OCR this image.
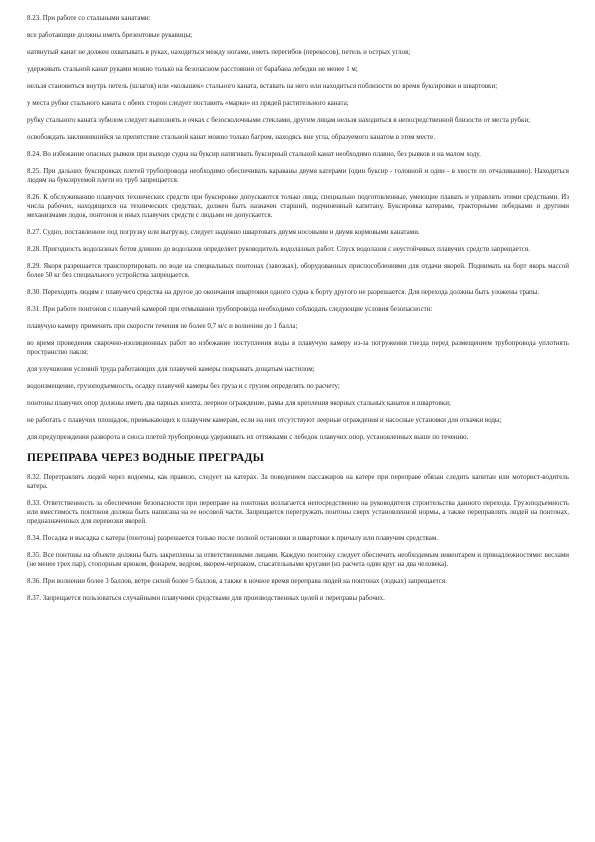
8.23. При работе со стальными канатами:

все работающие должны иметь брезентовые рукавицы;

натянутый канат не должен охватывать в руках, находиться между ногами, иметь перегибов (перекосов), петель и острых углов;

удерживать стальной канат руками можно только на безопасном расстоянии от барабана лебедки не менее 1 м;

нельзя становиться внутрь петель (шлагов) или «колышек» стального каната, вставать на него или находиться поблизости во время буксировки и швартовки;

у места рубки стального каната с обеих сторон следует поставить «марки» из прядей растительного каната;

рубку стального каната зубилом следует выполнять в очках с безосколочными стеклами, другим лицам нельзя находиться в непосредственной близости от места рубки;

освобождать заклинившийся за препятствие стальной канат можно только багром, находясь вне угла, образуемого канатом в этом месте.

8.24. Во избежание опасных рывков при выходе судна на буксир натягивать буксирный стальной канат необходимо плавно, без рывков и на малом ходу.

8.25. При дальних буксировках плетей трубопровода необходимо обеспечивать караваны двумя катерами (один буксир - головной и один - в хвосте по отчаливанию). Находиться людям на буксируемой плети из труб запрещается.

8.26. К обслуживанию плавучих технических средств при буксировке допускаются только лица, специально подготовленные, умеющие плавать и управлять этими средствами. Из числа рабочих, находящихся на технических средствах, должен быть назначен старший, подчиненный капитану. Буксировка катерами, тракторными лебедками и другими механизмами лодок, понтонов и иных плавучих средств с людьми не допускается.

8.27. Судно, поставленное под погрузку или выгрузку, следует надежно швартовать двумя носовыми и двумя кормовыми канатами.

8.28. Пригодность водолазных ботов длиною до водолазов определяет руководитель водолазных работ. Спуск водолазов с неустойчивых плавучих средств запрещается.

8.29. Якоря разрешается транспортировать по воде на специальных понтонах (завозках), оборудованных приспособлениями для отдачи якорей. Поднимать на борт якорь массой более 50 кг без специального устройства запрещается.

8.30. Переходить людям с плавучего средства на другое до окончания швартовки одного судна к борту другого не разрешается. Для перехода должны быть уложены трапы.

8.31. При работе понтонов с плавучей камерой при отмывании трубопровода необходимо соблюдать следующие условия безопасности:

плавучую камеру применять при скорости течения не более 0,7 м/с и волнении до 1 балла;

во время проведения сварочно-изоляционных работ во избежание поступления воды в плавучую камеру из-за погружения гнезда перед размещением трубопровода уплотнять пространство пакля;

для улучшения условий труда работающих для плавучей камеры покрывать дощатым настилом;

водоизмещение, грузоподъемность, осадку плавучей камеры без груза и с грузом определять по расчету;

понтоны плавучих опор должны иметь два парных кнехта, леерное ограждение, рамы для крепления якорных стальных канатов и швартовки;

не работать с плавучих площадок, примыкающих к плавучим камерам, если на них отсутствуют леерные ограждения и насосные установки для откачки воды;

для предупреждения разворота и сноса плетей трубопровода удерживать их оттяжками с лебедок плавучих опор, установленных выше по течению.

ПЕРЕПРАВА ЧЕРЕЗ ВОДНЫЕ ПРЕГРАДЫ

8.32. Перетравлять людей через водоемы, как правило, следует на катерах. За поведением пассажиров на катере при переправе обязан следить капитан или моторист-водитель катера.

8.33. Ответственность за обеспечение безопасности при переправе на понтонах возлагается непосредственно на руководителя строительства данного перехода. Грузоподъемность или вместимость понтонов должна быть написана на ее носовой части. Запрещается перегружать понтоны сверх установленной нормы, а также переправлять людей на понтонах, предназначенных для перевозки якорей.

8.34. Посадка и высадка с катера (понтона) разрешается только после полной остановки и швартовки к причалу или плавучим средствам.

8.35. Все понтоны на объекте должны быть закреплены за ответственными лицами. Каждую понтонку следует обеспечить необходимым инвентарем и принадлежностями: веслами (не менее трех пар), стопорным крюком, фонарем, ведром, якорем-черпаком, спасательными кругами (из расчета один круг на два человека).

8.36. При волнении более 3 баллов, ветре силой более 5 баллов, а также в ночное время переправа людей на понтонах (лодках) запрещается.

8.37. Запрещается пользоваться случайными плавучими средствами для производственных целей и переправы рабочих.
